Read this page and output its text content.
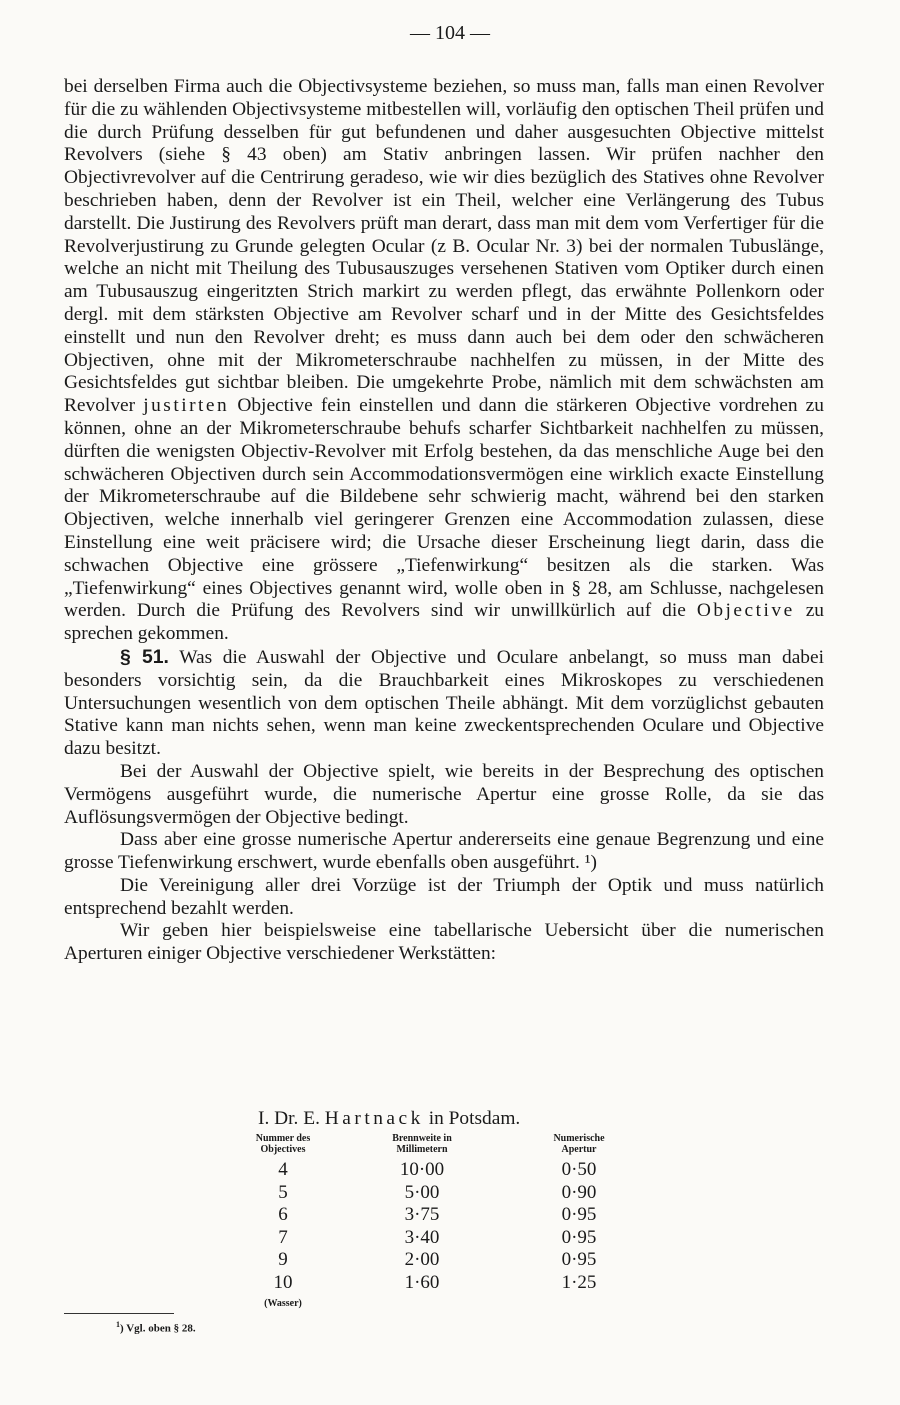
— 104 —

bei derselben Firma auch die Objectivsysteme beziehen, so muss man, falls man einen Revolver für die zu wählenden Objectivsysteme mitbestellen will, vorläufig den optischen Theil prüfen und die durch Prüfung desselben für gut befundenen und daher ausgesuchten Objective mittelst Revolvers (siehe § 43 oben) am Stativ anbringen lassen. Wir prüfen nachher den Objectivrevolver auf die Centrirung geradeso, wie wir dies bezüglich des Statives ohne Revolver beschrieben haben, denn der Revolver ist ein Theil, welcher eine Verlängerung des Tubus darstellt. Die Justirung des Revolvers prüft man derart, dass man mit dem vom Verfertiger für die Revolverjustirung zu Grunde gelegten Ocular (z B. Ocular Nr. 3) bei der normalen Tubuslänge, welche an nicht mit Theilung des Tubusauszuges versehenen Stativen vom Optiker durch einen am Tubusauszug eingeritzten Strich markirt zu werden pflegt, das erwähnte Pollenkorn oder dergl. mit dem stärksten Objective am Revolver scharf und in der Mitte des Gesichtsfeldes einstellt und nun den Revolver dreht; es muss dann auch bei dem oder den schwächeren Objectiven, ohne mit der Mikrometerschraube nachhelfen zu müssen, in der Mitte des Gesichtsfeldes gut sichtbar bleiben. Die umgekehrte Probe, nämlich mit dem schwächsten am Revolver justirten Objective fein einstellen und dann die stärkeren Objective vordrehen zu können, ohne an der Mikrometerschraube behufs scharfer Sichtbarkeit nachhelfen zu müssen, dürften die wenigsten Objectiv-Revolver mit Erfolg bestehen, da das menschliche Auge bei den schwächeren Objectiven durch sein Accommodationsvermögen eine wirklich exacte Einstellung der Mikrometerschraube auf die Bildebene sehr schwierig macht, während bei den starken Objectiven, welche innerhalb viel geringerer Grenzen eine Accommodation zulassen, diese Einstellung eine weit präcisere wird; die Ursache dieser Erscheinung liegt darin, dass die schwachen Objective eine grössere „Tiefenwirkung“ besitzen als die starken. Was „Tiefenwirkung“ eines Objectives genannt wird, wolle oben in § 28, am Schlusse, nachgelesen werden. Durch die Prüfung des Revolvers sind wir unwillkürlich auf die Objective zu sprechen gekommen.

§ 51. Was die Auswahl der Objective und Oculare anbelangt, so muss man dabei besonders vorsichtig sein, da die Brauchbarkeit eines Mikroskopes zu verschiedenen Untersuchungen wesentlich von dem optischen Theile abhängt. Mit dem vorzüglichst gebauten Stative kann man nichts sehen, wenn man keine zweckentsprechenden Oculare und Objective dazu besitzt.

Bei der Auswahl der Objective spielt, wie bereits in der Besprechung des optischen Vermögens ausgeführt wurde, die numerische Apertur eine grosse Rolle, da sie das Auflösungsvermögen der Objective bedingt.

Dass aber eine grosse numerische Apertur andererseits eine genaue Begrenzung und eine grosse Tiefenwirkung erschwert, wurde ebenfalls oben ausgeführt. ¹)

Die Vereinigung aller drei Vorzüge ist der Triumph der Optik und muss natürlich entsprechend bezahlt werden.

Wir geben hier beispielsweise eine tabellarische Uebersicht über die numerischen Aperturen einiger Objective verschiedener Werkstätten:

I. Dr. E. Hartnack in Potsdam.
Nummer des
Objectives
Brennweite in
Millimetern
Numerische
Apertur
4
5
6
7
9
10
10·00
5·00
3·75
3·40
2·00
1·60
0·50
0·90
0·95
0·95
0·95
1·25
(Wasser)
$^1$) Vgl. oben § 28.
